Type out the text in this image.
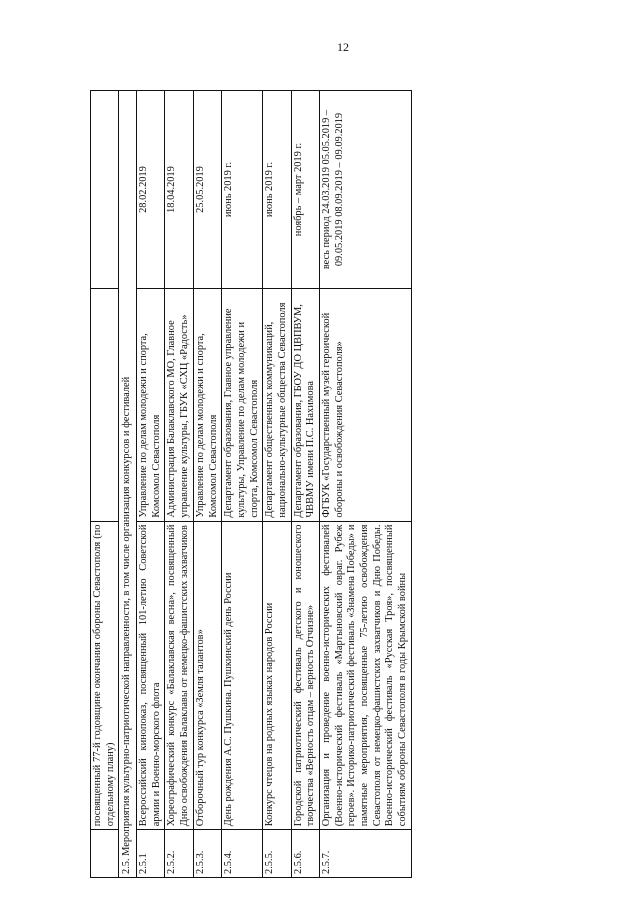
12
	посвященный 77-й годовщине окончания обороны Севастополя (по отдельному плану)		
2.5. Мероприятия культурно-патриотической направленности, в том числе организация конкурсов и фестивалей			
2.5.1	Всероссийский кинопоказ, посвященный 101-летию Советской армии и Военно-морского флота	Управление по делам молодежи и спорта, Комсомол Севастополя	28.02.2019
2.5.2.	Хореографический конкурс «Балаклавская весна», посвященный Дню освобождения Балаклавы от немецко-фашистских захватчиков	Администрация Балаклавского МО, Главное управление культуры, ГБУК «СХЦ «Радость»	18.04.2019
2.5.3.	Отборочный тур конкурса «Земля талантов»	Управление по делам молодежи и спорта, Комсомол Севастополя	25.05.2019
2.5.4.	День рождения А.С. Пушкина. Пушкинский день России	Департамент образования, Главное управление культуры, Управление по делам молодежи и спорта, Комсомол Севастополя	июнь 2019 г.
2.5.5.	Конкурс чтецов на родных языках народов России	Департамент общественных коммуникаций, национально-культурные общества Севастополя	июнь 2019 г.
2.5.6.	Городской патриотический фестиваль детского и юношеского творчества «Верность отцам – верность Отчизне»	Департамент образования, ГБОУ ДО ЦВПВУМ, ЧВВМУ имени П.С. Нахимова	ноябрь – март 2019 г.
2.5.7.	Организация и проведение военно-исторических фестивалей (Военно-исторический фестиваль «Мартыновский овраг. Рубеж героев». Историко-патриотический фестиваль «Знамена Победы» и памятные мероприятия, посвященные 75-летию освобождения Севастополя от немецко-фашистских захватчиков и Дню Победы. Военно-исторический фестиваль «Русская Троя», посвященный событиям обороны Севастополя в годы Крымской войны	ФГБУК «Государственный музей героической обороны и освобождения Севастополя»	весь период 24.03.2019 05.05.2019 – 09.05.2019 08.09.2019 – 09.09.2019
